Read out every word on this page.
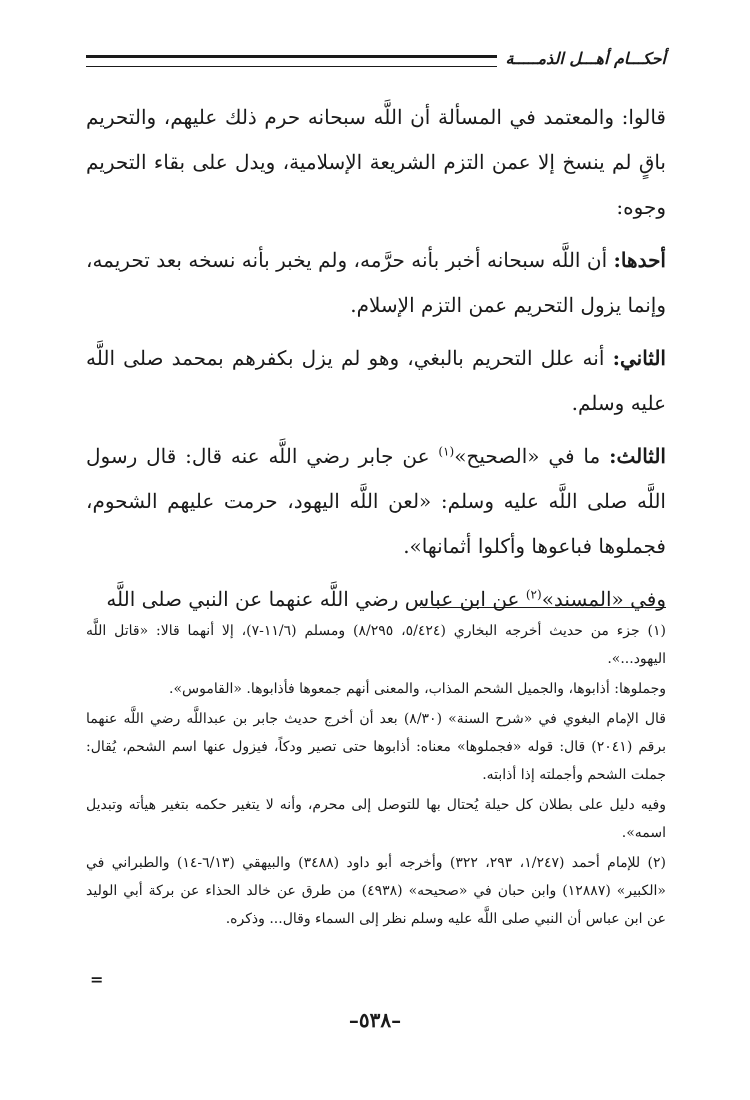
أحكـــام أهـــل الذمـــــة

قالوا: والمعتمد في المسألة أن اللَّه سبحانه حرم ذلك عليهم، والتحريم باقٍ لم ينسخ إلا عمن التزم الشريعة الإسلامية، ويدل على بقاء التحريم وجوه:

أحدها: أن اللَّه سبحانه أخبر بأنه حرَّمه، ولم يخبر بأنه نسخه بعد تحريمه، وإنما يزول التحريم عمن التزم الإسلام.

الثاني: أنه علل التحريم بالبغي، وهو لم يزل بكفرهم بمحمد صلى اللَّه عليه وسلم.

الثالث: ما في «الصحيح»$^{(١)}$ عن جابر رضي اللَّه عنه قال: قال رسول اللَّه صلى اللَّه عليه وسلم: «لعن اللَّه اليهود، حرمت عليهم الشحوم، فجملوها فباعوها وأكلوا أثمانها».

وفي «المسند»$^{(٢)}$ عن ابن عباس رضي اللَّه عنهما عن النبي صلى اللَّه

(١) جزء من حديث أخرجه البخاري (٥/٤٢٤، ٨/٢٩٥) ومسلم (١١/٦-٧)، إلا أنهما قالا: «قاتل اللَّه اليهود...».

وجملوها: أذابوها، والجميل الشحم المذاب، والمعنى أنهم جمعوها فأذابوها. «القاموس».

قال الإمام البغوي في «شرح السنة» (٨/٣٠) بعد أن أخرج حديث جابر بن عبداللَّه رضي اللَّه عنهما برقم (٢٠٤١) قال: قوله «فجملوها» معناه: أذابوها حتى تصير ودكاً، فيزول عنها اسم الشحم، يُقال: جملت الشحم وأجملته إذا أذابته.

وفيه دليل على بطلان كل حيلة يُحتال بها للتوصل إلى محرم، وأنه لا يتغير حكمه بتغير هيأته وتبديل اسمه».

(٢) للإمام أحمد (١/٢٤٧، ٢٩٣، ٣٢٢) وأخرجه أبو داود (٣٤٨٨) والبيهقي (٦/١٣-١٤) والطبراني في «الكبير» (١٢٨٨٧) وابن حبان في «صحيحه» (٤٩٣٨) من طرق عن خالد الحذاء عن بركة أبي الوليد عن ابن عباس أن النبي صلى اللَّه عليه وسلم نظر إلى السماء وقال... وذكره.

=
–٥٣٨–
